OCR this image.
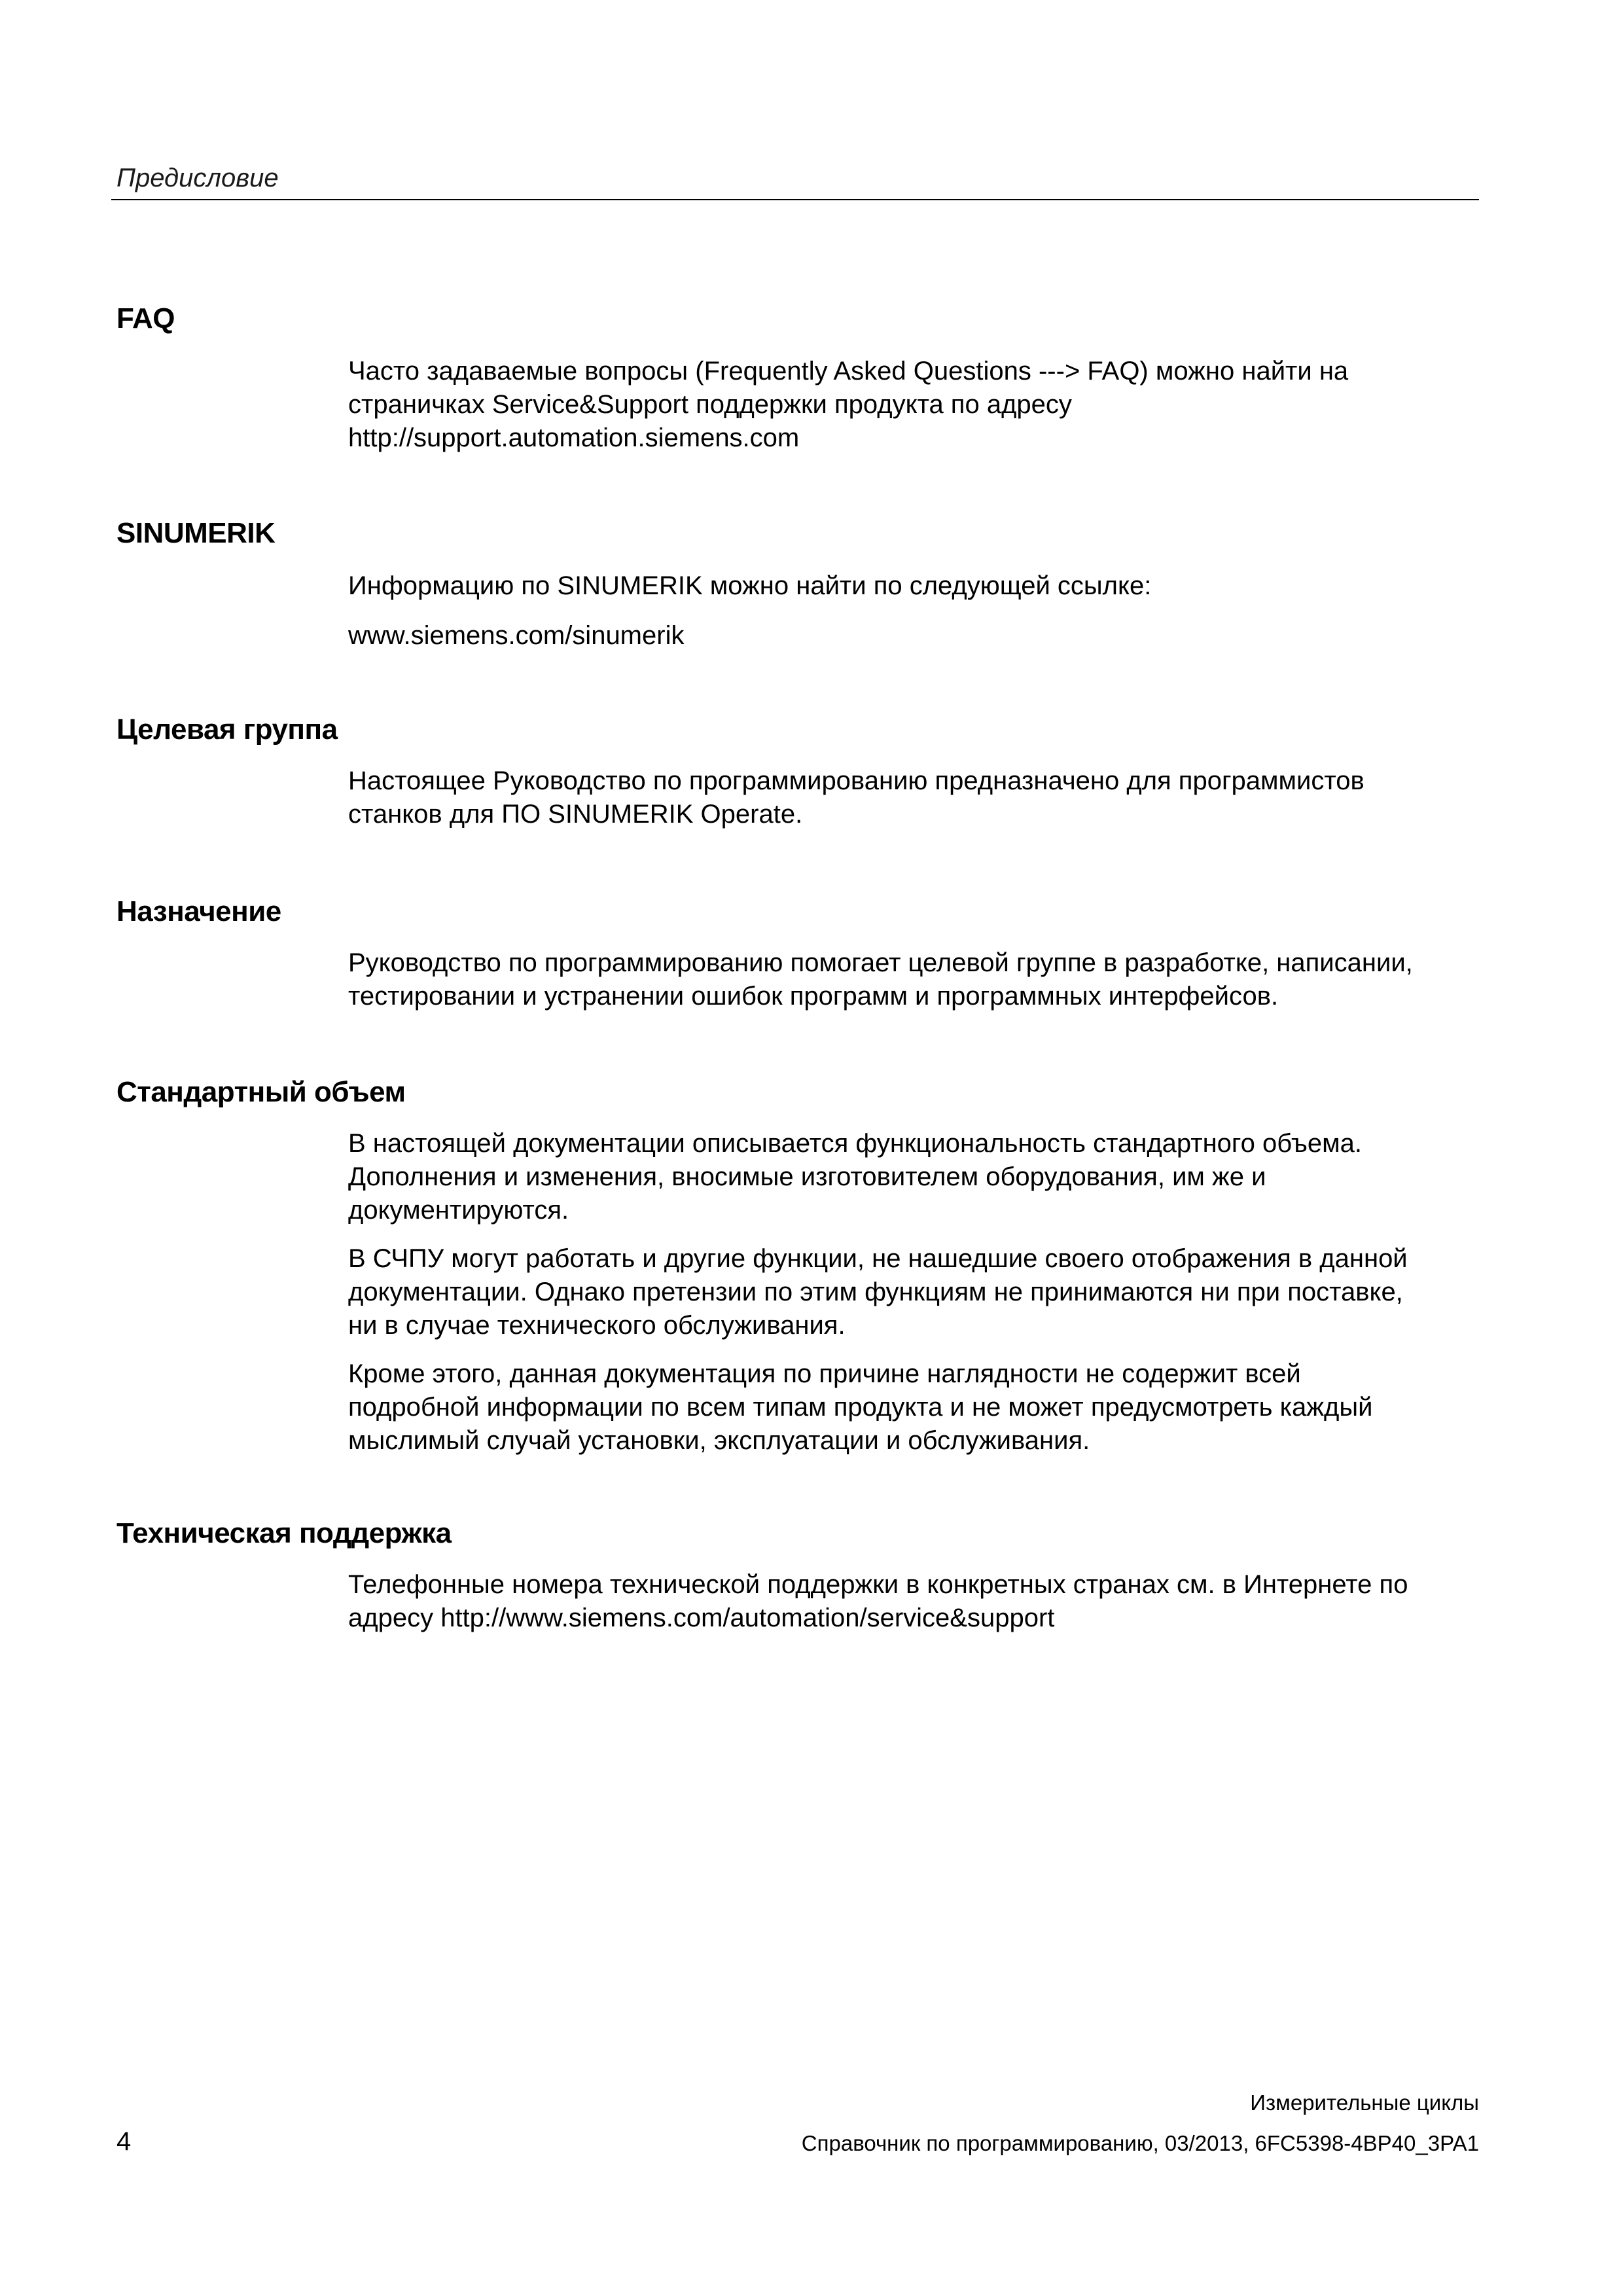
Предисловие

FAQ
Часто задаваемые вопросы (Frequently Asked Questions ---> FAQ) можно найти на
страничках Service&Support поддержки продукта по адресу
http://support.automation.siemens.com
SINUMERIK
Информацию по SINUMERIK можно найти по следующей ссылке:
www.siemens.com/sinumerik
Целевая группа
Настоящее Руководство по программированию предназначено для программистов
станков для ПО SINUMERIK Operate.
Назначение
Руководство по программированию помогает целевой группе в разработке, написании,
тестировании и устранении ошибок программ и программных интерфейсов.
Стандартный объем
В настоящей документации описывается функциональность стандартного объема.
Дополнения и изменения, вносимые изготовителем оборудования, им же и
документируются.
В СЧПУ могут работать и другие функции, не нашедшие своего отображения в данной
документации. Однако претензии по этим функциям не принимаются ни при поставке,
ни в случае технического обслуживания.
Кроме этого, данная документация по причине наглядности не содержит всей
подробной информации по всем типам продукта и не может предусмотреть каждый
мыслимый случай установки, эксплуатации и обслуживания.
Техническая поддержка
Телефонные номера технической поддержки в конкретных странах см. в Интернете по
адресу http://www.siemens.com/automation/service&support

Измерительные циклы

4	Справочник по программированию, 03/2013, 6FC5398-4BP40_3PA1
